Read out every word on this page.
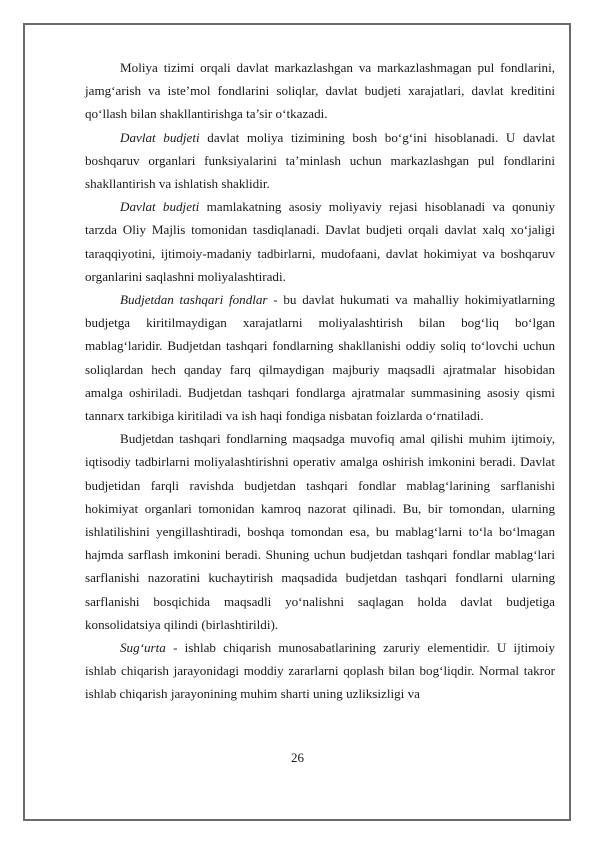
Moliya tizimi orqali davlat markazlashgan va markazlashmagan pul fondlarini, jamg‘arish va iste’mol fondlarini soliqlar, davlat budjeti xarajatlari, davlat kreditini qo‘llash bilan shakllantirishga ta’sir o‘tkazadi.

Davlat budjeti davlat moliya tizimining bosh bo‘g‘ini hisoblanadi. U davlat boshqaruv organlari funksiyalarini ta’minlash uchun markazlashgan pul fondlarini shakllantirish va ishlatish shaklidir.

Davlat budjeti mamlakatning asosiy moliyaviy rejasi hisoblanadi va qonuniy tarzda Oliy Majlis tomonidan tasdiqlanadi. Davlat budjeti orqali davlat xalq xo‘jaligi taraqqiyotini, ijtimoiy-madaniy tadbirlarni, mudofaani, davlat hokimiyat va boshqaruv organlarini saqlashni moliyalashtiradi.

Budjetdan tashqari fondlar - bu davlat hukumati va mahalliy hokimiyatlarning budjetga kiritilmaydigan xarajatlarni moliyalashtirish bilan bog‘liq bo‘lgan mablag‘laridir. Budjetdan tashqari fondlarning shakllanishi oddiy soliq to‘lovchi uchun soliqlardan hech qanday farq qilmaydigan majburiy maqsadli ajratmalar hisobidan amalga oshiriladi. Budjetdan tashqari fondlarga ajratmalar summasining asosiy qismi tannarx tarkibiga kiritiladi va ish haqi fondiga nisbatan foizlarda o‘rnatiladi.

Budjetdan tashqari fondlarning maqsadga muvofiq amal qilishi muhim ijtimoiy, iqtisodiy tadbirlarni moliyalashtirishni operativ amalga oshirish imkonini beradi. Davlat budjetidan farqli ravishda budjetdan tashqari fondlar mablag‘larining sarflanishi hokimiyat organlari tomonidan kamroq nazorat qilinadi. Bu, bir tomondan, ularning ishlatilishini yengillashtiradi, boshqa tomondan esa, bu mablag‘larni to‘la bo‘lmagan hajmda sarflash imkonini beradi. Shuning uchun budjetdan tashqari fondlar mablag‘lari sarflanishi nazoratini kuchaytirish maqsadida budjetdan tashqari fondlarni ularning sarflanishi bosqichida maqsadli yo‘nalishni saqlagan holda davlat budjetiga konsolidatsiya qilindi (birlashtirildi).

Sug‘urta - ishlab chiqarish munosabatlarining zaruriy elementidir. U ijtimoiy ishlab chiqarish jarayonidagi moddiy zararlarni qoplash bilan bog‘liqdir. Normal takror ishlab chiqarish jarayonining muhim sharti uning uzliksizligi va

26
